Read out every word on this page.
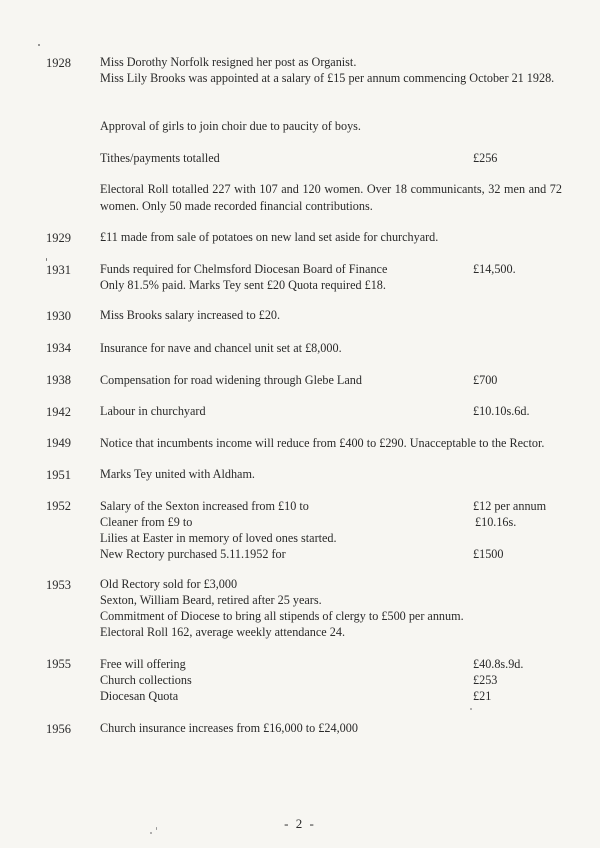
1928	Miss Dorothy Norfolk resigned her post as Organist.
Miss Lily Brooks was appointed at a salary of £15 per annum commencing October 21 1928.
Approval of girls to join choir due to paucity of boys.
Tithes/payments totalled	£256
Electoral Roll totalled 227 with 107 and 120 women. Over 18 communicants, 32 men and 72 women. Only 50 made recorded financial contributions.
1929	£11 made from sale of potatoes on new land set aside for churchyard.
1931	Funds required for Chelmsford Diocesan Board of Finance	£14,500.
Only 81.5% paid. Marks Tey sent £20 Quota required £18.
1930	Miss Brooks salary increased to £20.
1934	Insurance for nave and chancel unit set at £8,000.
1938	Compensation for road widening through Glebe Land	£700
1942	Labour in churchyard	£10.10s.6d.
1949	Notice that incumbents income will reduce from £400 to £290. Unacceptable to the Rector.
1951	Marks Tey united with Aldham.
1952	Salary of the Sexton increased from £10 to	£12 per annum
Cleaner from £9 to	£10.16s.
Lilies at Easter in memory of loved ones started.
New Rectory purchased 5.11.1952 for	£1500
1953	Old Rectory sold for £3,000
Sexton, William Beard, retired after 25 years.
Commitment of Diocese to bring all stipends of clergy to £500 per annum.
Electoral Roll 162, average weekly attendance 24.
1955	Free will offering	£40.8s.9d.
Church collections	£253
Diocesan Quota	£21
1956	Church insurance increases from £16,000 to £24,000
- 2 -
